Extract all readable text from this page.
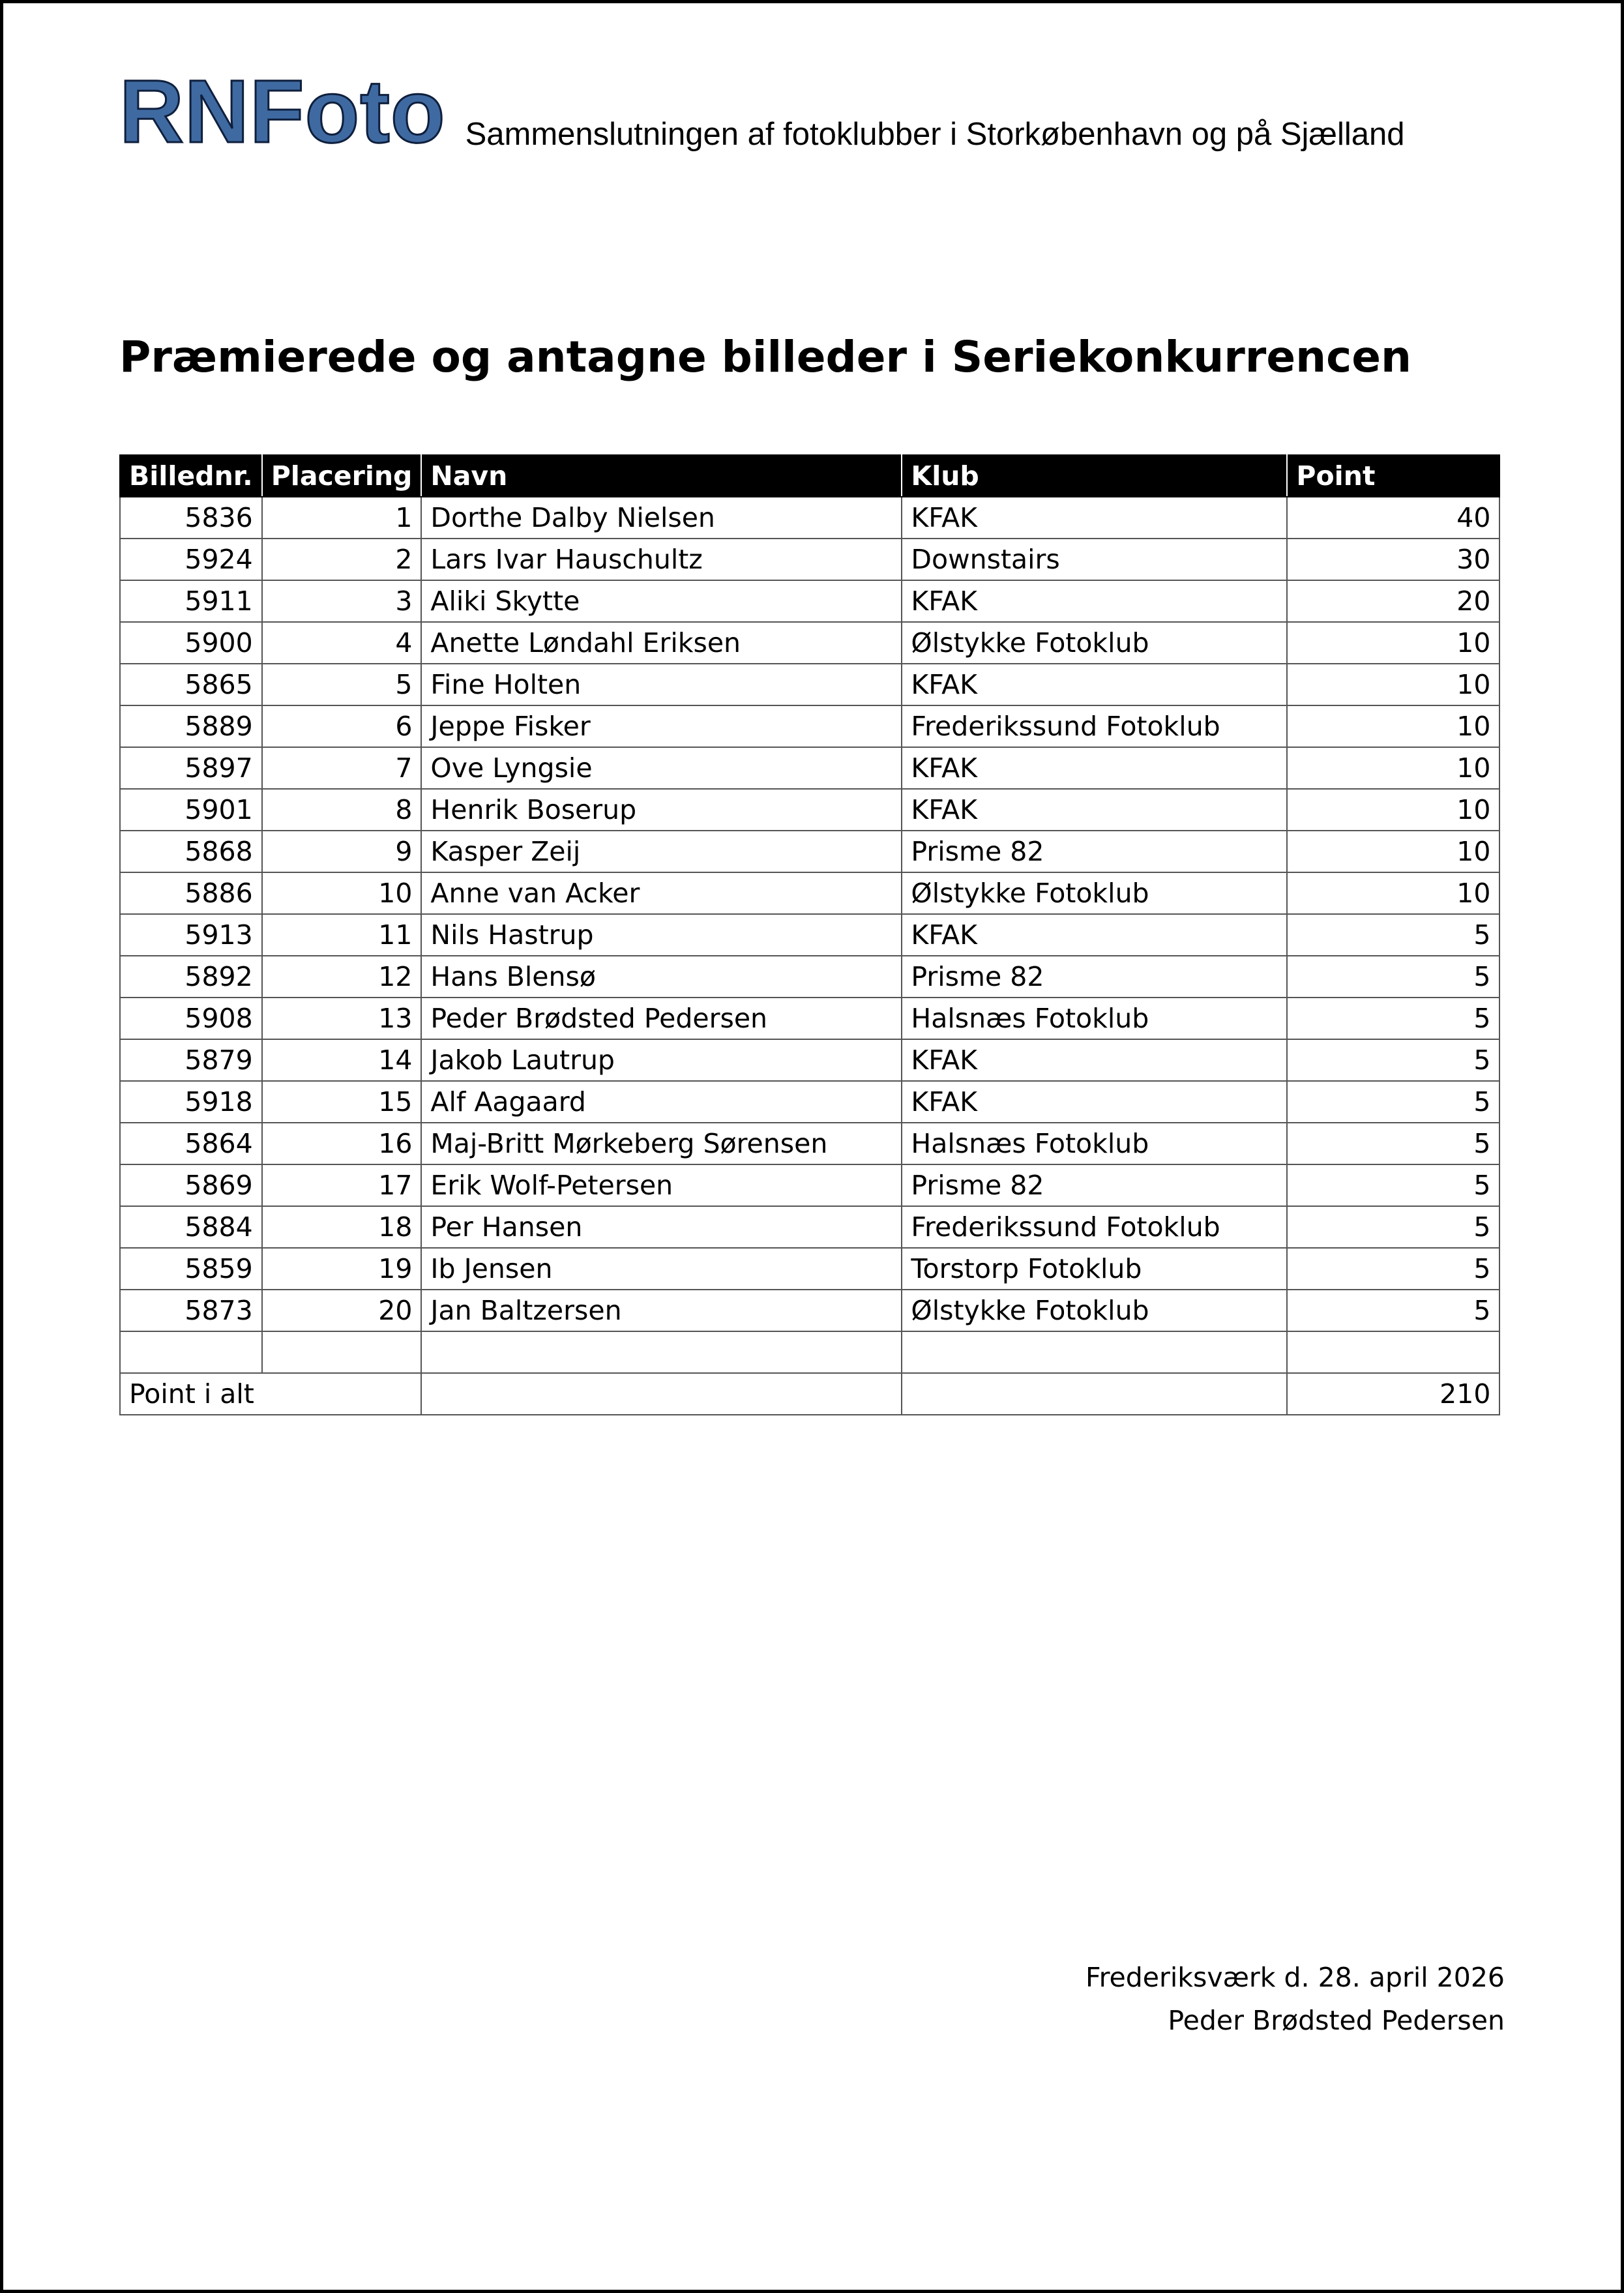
RNFoto Sammenslutningen af fotoklubber i Storkøbenhavn og på Sjælland
Præmierede og antagne billeder i Seriekonkurrencen
Billednr.	Placering	Navn	Klub	Point
5836	1	Dorthe Dalby Nielsen	KFAK	40
5924	2	Lars Ivar Hauschultz	Downstairs	30
5911	3	Aliki Skytte	KFAK	20
5900	4	Anette Løndahl Eriksen	Ølstykke Fotoklub	10
5865	5	Fine Holten	KFAK	10
5889	6	Jeppe Fisker	Frederikssund Fotoklub	10
5897	7	Ove Lyngsie	KFAK	10
5901	8	Henrik Boserup	KFAK	10
5868	9	Kasper Zeij	Prisme 82	10
5886	10	Anne van Acker	Ølstykke Fotoklub	10
5913	11	Nils Hastrup	KFAK	5
5892	12	Hans Blensø	Prisme 82	5
5908	13	Peder Brødsted Pedersen	Halsnæs Fotoklub	5
5879	14	Jakob Lautrup	KFAK	5
5918	15	Alf Aagaard	KFAK	5
5864	16	Maj-Britt Mørkeberg Sørensen	Halsnæs Fotoklub	5
5869	17	Erik Wolf-Petersen	Prisme 82	5
5884	18	Per Hansen	Frederikssund Fotoklub	5
5859	19	Ib Jensen	Torstorp Fotoklub	5
5873	20	Jan Baltzersen	Ølstykke Fotoklub	5

Point i alt				210
Frederiksværk d. 28. april 2026
Peder Brødsted Pedersen
